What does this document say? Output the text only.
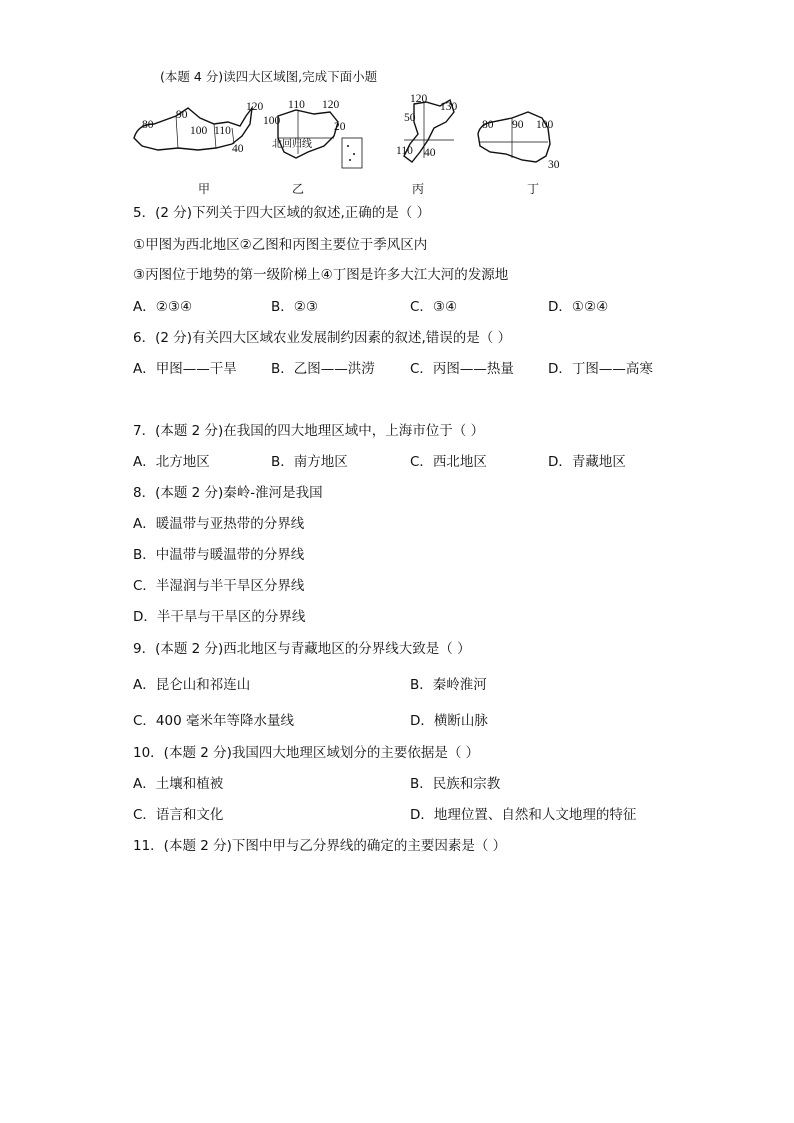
(本题 4 分)读四大区域图,完成下面小题
80
90
100 110
120
40
100
110 120
20
北回归线
120
130
50
110 40
80 90 100
30
甲	乙	丙	丁
5．(2 分)下列关于四大区域的叙述,正确的是（ ）
①甲图为西北地区②乙图和丙图主要位于季风区内
③丙图位于地势的第一级阶梯上④丁图是许多大江大河的发源地
A．②③④	B．②③	C．③④	D．①②④
6．(2 分)有关四大区域农业发展制约因素的叙述,错误的是（ ）
A．甲图——干旱	B．乙图——洪涝	C．丙图——热量	D．丁图——高寒
7．(本题 2 分)在我国的四大地理区域中，上海市位于（ ）
A．北方地区	B．南方地区	C．西北地区	D．青藏地区
8．(本题 2 分)秦岭-淮河是我国
A．暖温带与亚热带的分界线
B．中温带与暖温带的分界线
C．半湿润与半干旱区分界线
D．半干旱与干旱区的分界线
9．(本题 2 分)西北地区与青藏地区的分界线大致是（ ）
A．昆仑山和祁连山	B．秦岭淮河
C．400 毫米年等降水量线	D．横断山脉
10．(本题 2 分)我国四大地理区域划分的主要依据是（ ）
A．土壤和植被	B．民族和宗教
C．语言和文化	D．地理位置、自然和人文地理的特征
11．(本题 2 分)下图中甲与乙分界线的确定的主要因素是（ ）
